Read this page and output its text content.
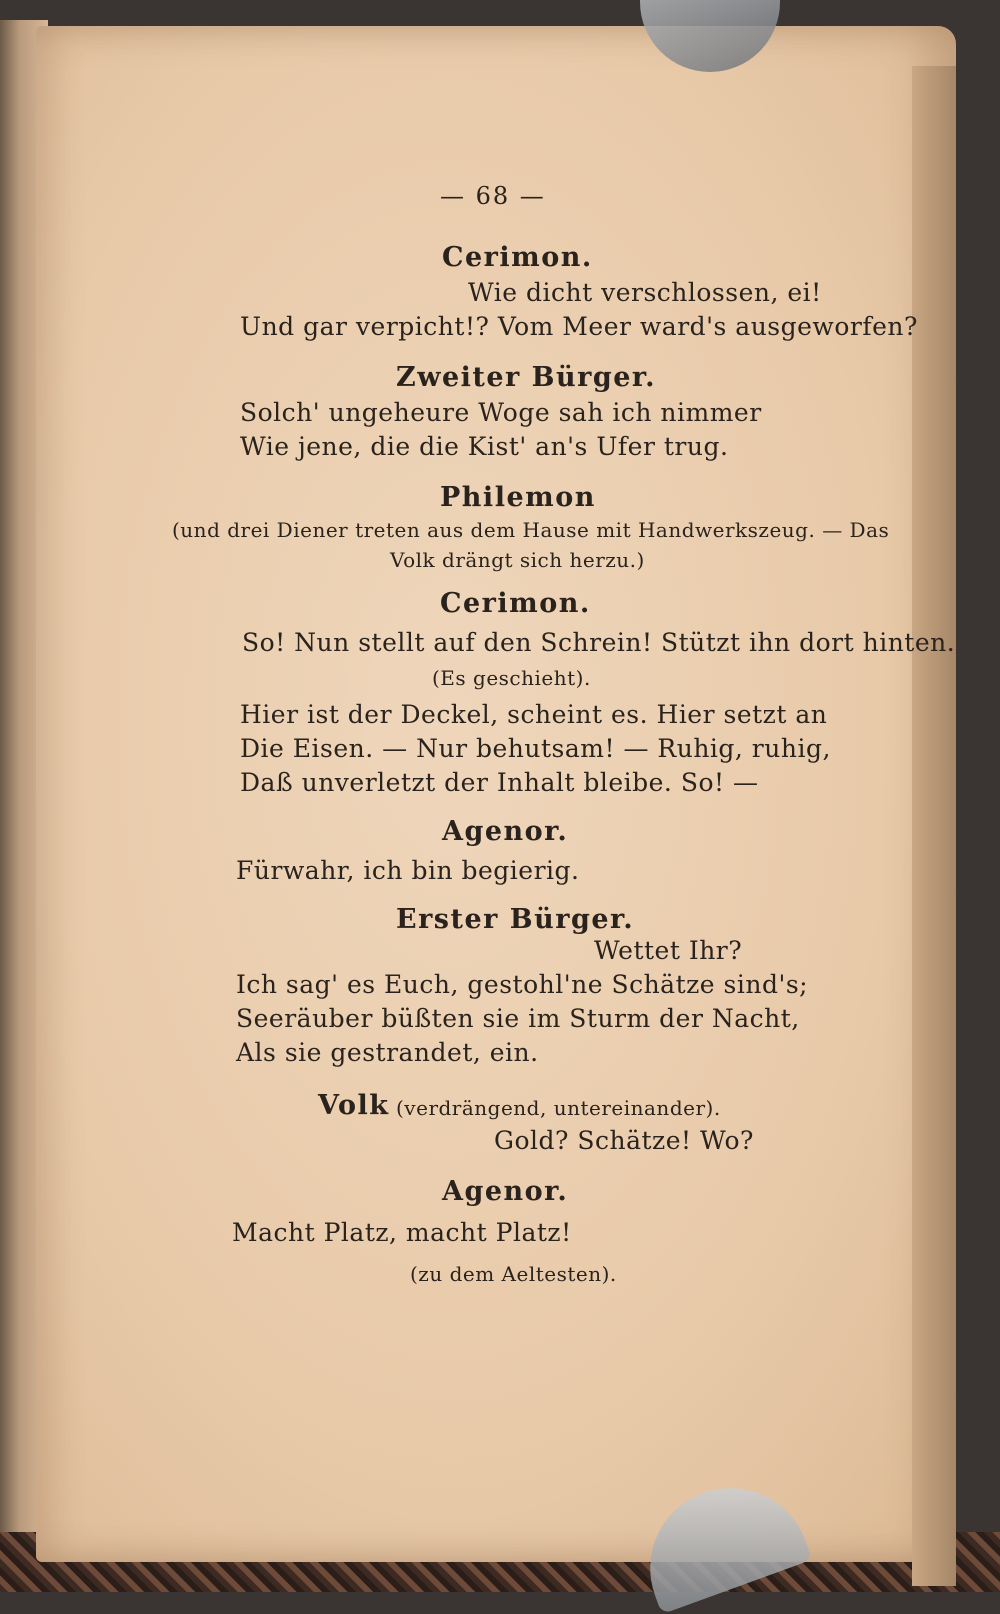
— 68 —
Cerimon.
Wie dicht verschlossen, ei!
Und gar verpicht!? Vom Meer ward's ausgeworfen?
Zweiter Bürger.
Solch' ungeheure Woge sah ich nimmer
Wie jene, die die Kist' an's Ufer trug.
Philemon
(und drei Diener treten aus dem Hause mit Handwerkszeug. — Das
Volk drängt sich herzu.)
Cerimon.
So! Nun stellt auf den Schrein! Stützt ihn dort hinten.
(Es geschieht).
Hier ist der Deckel, scheint es. Hier setzt an
Die Eisen. — Nur behutsam! — Ruhig, ruhig,
Daß unverletzt der Inhalt bleibe. So! —
Agenor.
Fürwahr, ich bin begierig.
Erster Bürger.
Wettet Ihr?
Ich sag' es Euch, gestohl'ne Schätze sind's;
Seeräuber büßten sie im Sturm der Nacht,
Als sie gestrandet, ein.
Volk (verdrängend, untereinander).
Gold? Schätze! Wo?
Agenor.
Macht Platz, macht Platz!
(zu dem Aeltesten).
